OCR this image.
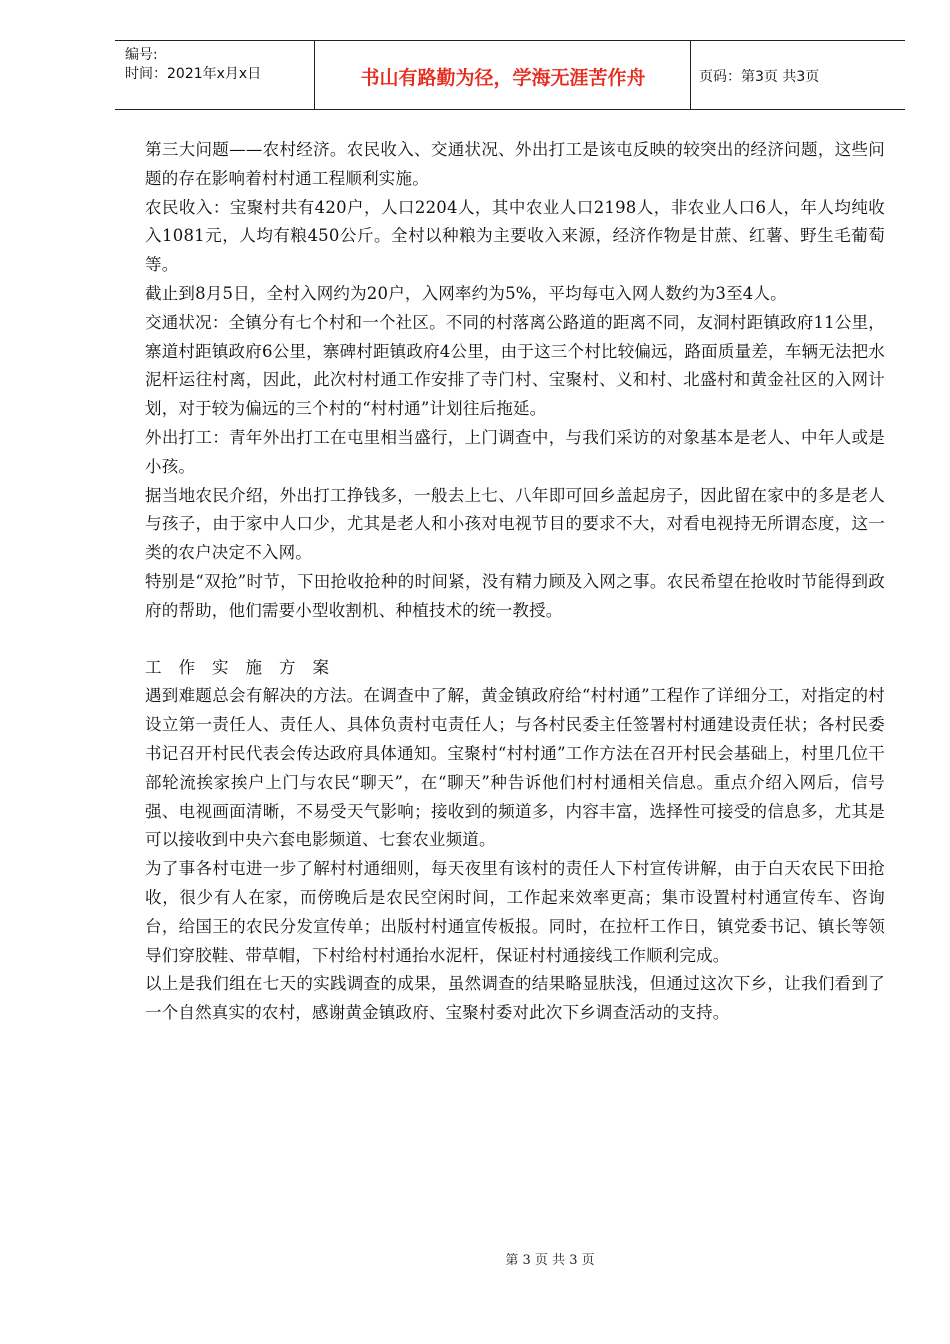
编号:
时间：2021年x月x日	书山有路勤为径，学海无涯苦作舟	页码：第3页 共3页

第三大问题——农村经济。农民收入、交通状况、外出打工是该屯反映的较突出的经济问题，这些问题的存在影响着村村通工程顺利实施。

农民收入：宝聚村共有420户，人口2204人，其中农业人口2198人，非农业人口6人，年人均纯收入1081元，人均有粮450公斤。全村以种粮为主要收入来源，经济作物是甘蔗、红薯、野生毛葡萄等。

截止到8月5日，全村入网约为20户，入网率约为5%，平均每屯入网人数约为3至4人。

交通状况：全镇分有七个村和一个社区。不同的村落离公路道的距离不同，友洞村距镇政府11公里，寨道村距镇政府6公里，寨碑村距镇政府4公里，由于这三个村比较偏远，路面质量差，车辆无法把水泥杆运往村离，因此，此次村村通工作安排了寺门村、宝聚村、义和村、北盛村和黄金社区的入网计划，对于较为偏远的三个村的“村村通”计划往后拖延。

外出打工：青年外出打工在屯里相当盛行，上门调查中，与我们采访的对象基本是老人、中年人或是小孩。

据当地农民介绍，外出打工挣钱多，一般去上七、八年即可回乡盖起房子，因此留在家中的多是老人与孩子，由于家中人口少，尤其是老人和小孩对电视节目的要求不大，对看电视持无所谓态度，这一类的农户决定不入网。

特别是“双抢”时节，下田抢收抢种的时间紧，没有精力顾及入网之事。农民希望在抢收时节能得到政府的帮助，他们需要小型收割机、种植技术的统一教授。

工作实施方案

遇到难题总会有解决的方法。在调查中了解，黄金镇政府给“村村通”工程作了详细分工，对指定的村设立第一责任人、责任人、具体负责村屯责任人；与各村民委主任签署村村通建设责任状；各村民委书记召开村民代表会传达政府具体通知。宝聚村“村村通”工作方法在召开村民会基础上，村里几位干部轮流挨家挨户上门与农民“聊天”，在“聊天”种告诉他们村村通相关信息。重点介绍入网后，信号强、电视画面清晰，不易受天气影响；接收到的频道多，内容丰富，选择性可接受的信息多，尤其是可以接收到中央六套电影频道、七套农业频道。

为了事各村屯进一步了解村村通细则，每天夜里有该村的责任人下村宣传讲解，由于白天农民下田抢收，很少有人在家，而傍晚后是农民空闲时间，工作起来效率更高；集市设置村村通宣传车、咨询台，给国王的农民分发宣传单；出版村村通宣传板报。同时，在拉杆工作日，镇党委书记、镇长等领导们穿胶鞋、带草帽，下村给村村通抬水泥杆，保证村村通接线工作顺利完成。

以上是我们组在七天的实践调查的成果，虽然调查的结果略显肤浅，但通过这次下乡，让我们看到了一个自然真实的农村，感谢黄金镇政府、宝聚村委对此次下乡调查活动的支持。

第 3 页 共 3 页
